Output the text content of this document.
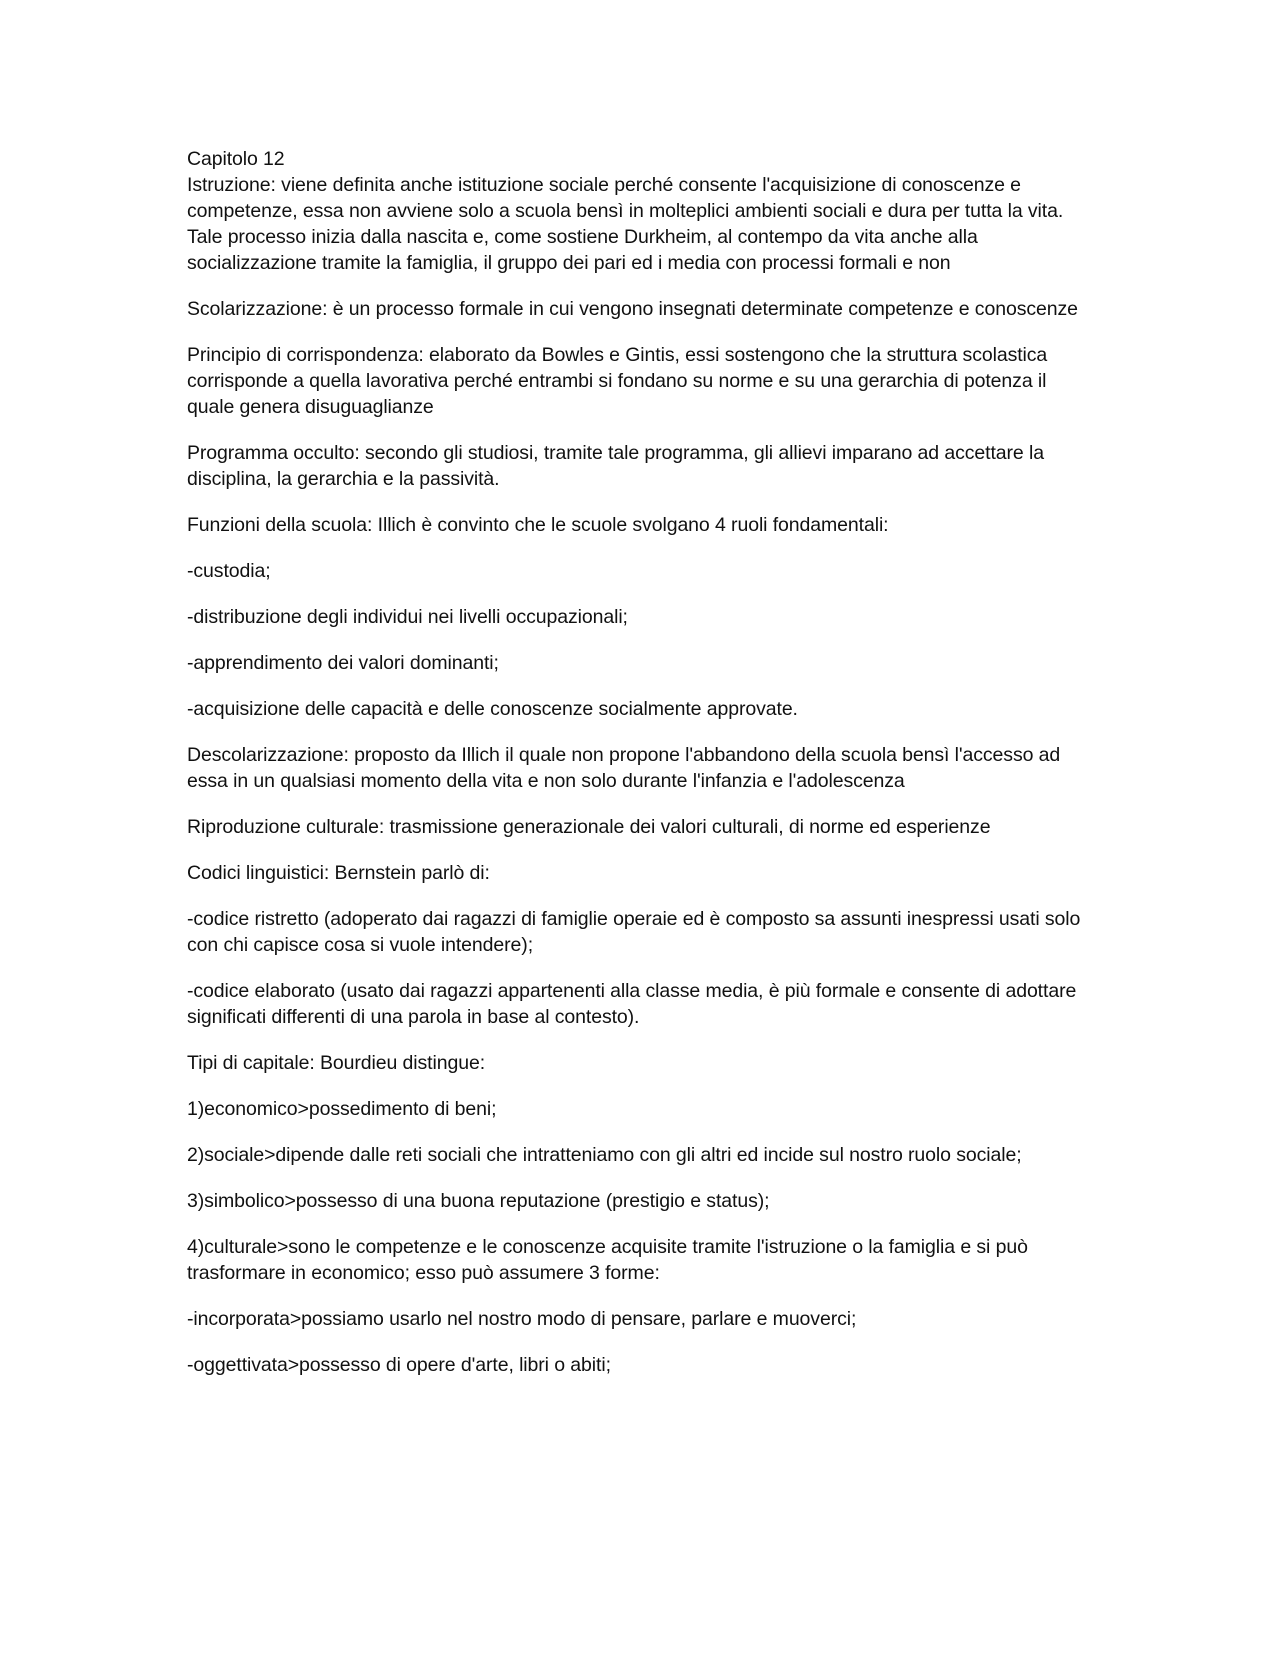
Capitolo 12

Istruzione: viene definita anche istituzione sociale perché consente l'acquisizione di conoscenze e competenze, essa non avviene solo a scuola bensì in molteplici ambienti sociali e dura per tutta la vita. Tale processo inizia dalla nascita e, come sostiene Durkheim, al contempo da vita anche alla socializzazione tramite la famiglia, il gruppo dei pari ed i media con processi formali e non

Scolarizzazione: è un processo formale in cui vengono insegnati determinate competenze e conoscenze

Principio di corrispondenza: elaborato da Bowles e Gintis, essi sostengono che la struttura scolastica corrisponde a quella lavorativa perché entrambi si fondano su norme e su una gerarchia di potenza il quale genera disuguaglianze

Programma occulto: secondo gli studiosi, tramite tale programma, gli allievi imparano ad accettare la disciplina, la gerarchia e la passività.

Funzioni della scuola: Illich è convinto che le scuole svolgano 4 ruoli fondamentali:

-custodia;

-distribuzione degli individui nei livelli occupazionali;

-apprendimento dei valori dominanti;

-acquisizione delle capacità e delle conoscenze socialmente approvate.

Descolarizzazione: proposto da Illich il quale non propone l'abbandono della scuola bensì l'accesso ad essa in un qualsiasi momento della vita e non solo durante l'infanzia e l'adolescenza

Riproduzione culturale: trasmissione generazionale dei valori culturali, di norme ed esperienze

Codici linguistici: Bernstein parlò di:

-codice ristretto (adoperato dai ragazzi di famiglie operaie ed è composto sa assunti inespressi usati solo con chi capisce cosa si vuole intendere);

-codice elaborato (usato dai ragazzi appartenenti alla classe media, è più formale e consente di adottare significati differenti di una parola in base al contesto).

Tipi di capitale: Bourdieu distingue:

1)economico>possedimento di beni;

2)sociale>dipende dalle reti sociali che intratteniamo con gli altri ed incide sul nostro ruolo sociale;

3)simbolico>possesso di una buona reputazione (prestigio e status);

4)culturale>sono le competenze e le conoscenze acquisite tramite l'istruzione o la famiglia e si può trasformare in economico; esso può assumere 3 forme:

-incorporata>possiamo usarlo nel nostro modo di pensare, parlare e muoverci;

-oggettivata>possesso di opere d'arte, libri o abiti;
